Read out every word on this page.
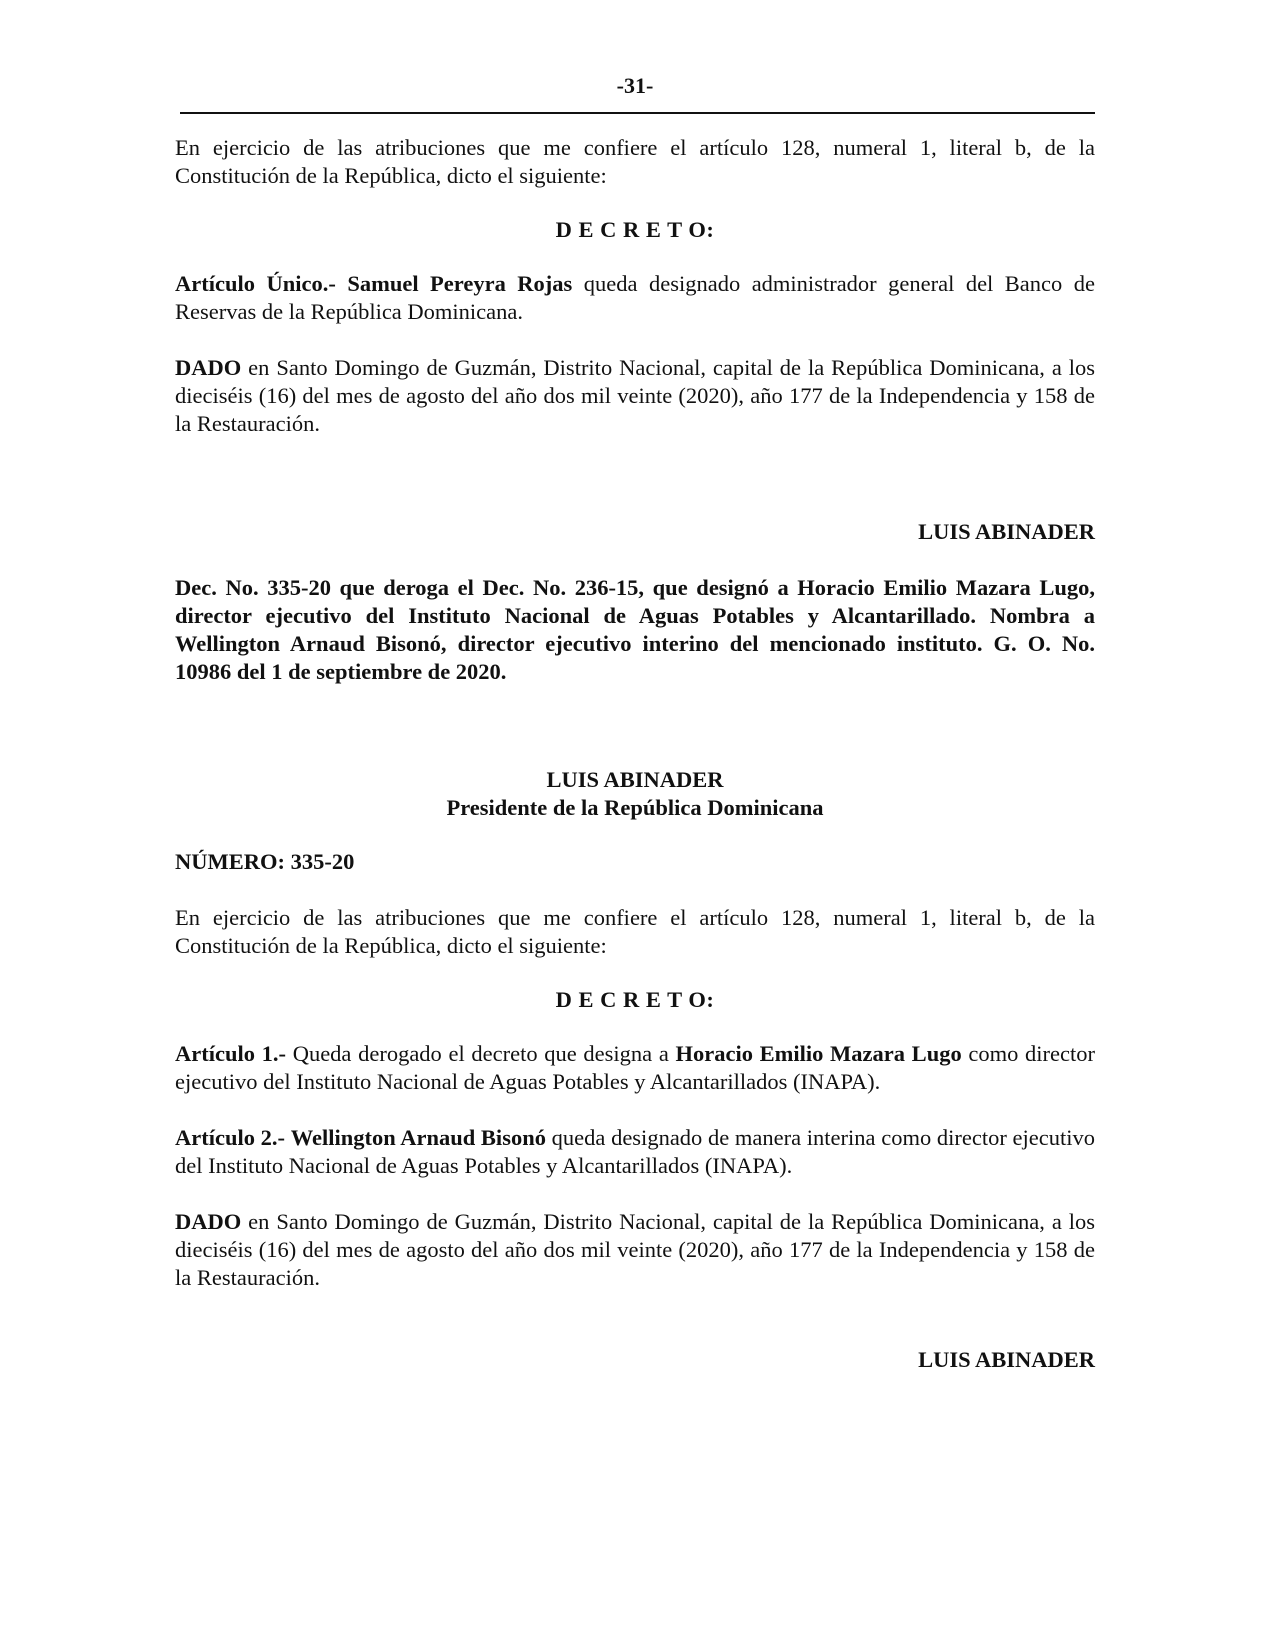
-31-

En ejercicio de las atribuciones que me confiere el artículo 128, numeral 1, literal b, de la Constitución de la República, dicto el siguiente:

D E C R E T O:

Artículo Único.- Samuel Pereyra Rojas queda designado administrador general del Banco de Reservas de la República Dominicana.

DADO en Santo Domingo de Guzmán, Distrito Nacional, capital de la República Dominicana, a los dieciséis (16) del mes de agosto del año dos mil veinte (2020), año 177 de la Independencia y 158 de la Restauración.

LUIS ABINADER

Dec. No. 335-20 que deroga el Dec. No. 236-15, que designó a Horacio Emilio Mazara Lugo, director ejecutivo del Instituto Nacional de Aguas Potables y Alcantarillado. Nombra a Wellington Arnaud Bisonó, director ejecutivo interino del mencionado instituto. G. O. No. 10986 del 1 de septiembre de 2020.

LUIS ABINADER

Presidente de la República Dominicana

NÚMERO: 335-20

En ejercicio de las atribuciones que me confiere el artículo 128, numeral 1, literal b, de la Constitución de la República, dicto el siguiente:

D E C R E T O:

Artículo 1.- Queda derogado el decreto que designa a Horacio Emilio Mazara Lugo como director ejecutivo del Instituto Nacional de Aguas Potables y Alcantarillados (INAPA).

Artículo 2.- Wellington Arnaud Bisonó queda designado de manera interina como director ejecutivo del Instituto Nacional de Aguas Potables y Alcantarillados (INAPA).

DADO en Santo Domingo de Guzmán, Distrito Nacional, capital de la República Dominicana, a los dieciséis (16) del mes de agosto del año dos mil veinte (2020), año 177 de la Independencia y 158 de la Restauración.

LUIS ABINADER
